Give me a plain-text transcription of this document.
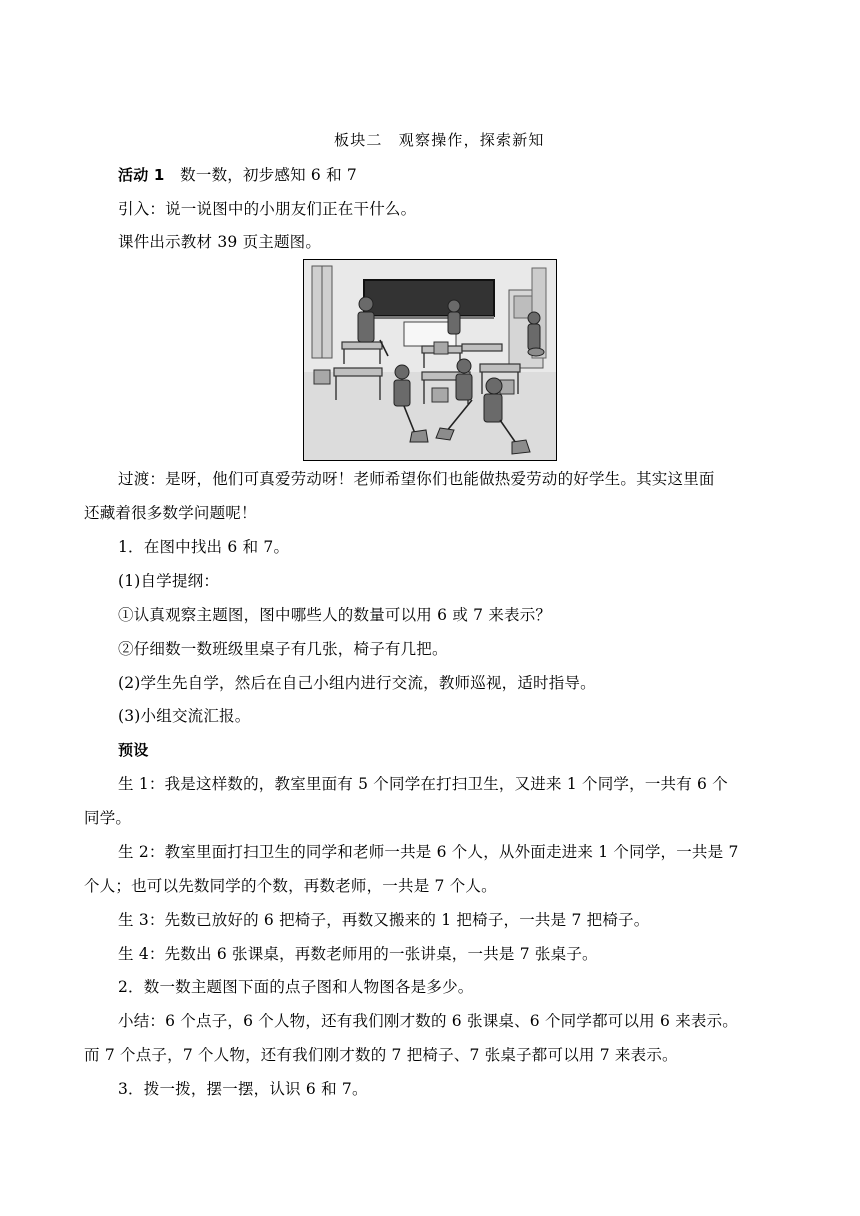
板块二　观察操作，探索新知
活动 1　数一数，初步感知 6 和 7
引入：说一说图中的小朋友们正在干什么。
课件出示教材 39 页主题图。
过渡：是呀，他们可真爱劳动呀！老师希望你们也能做热爱劳动的好学生。其实这里面
还藏着很多数学问题呢！
1．在图中找出 6 和 7。
(1)自学提纲：
①认真观察主题图，图中哪些人的数量可以用 6 或 7 来表示？
②仔细数一数班级里桌子有几张，椅子有几把。
(2)学生先自学，然后在自己小组内进行交流，教师巡视，适时指导。
(3)小组交流汇报。
预设
生 1：我是这样数的，教室里面有 5 个同学在打扫卫生，又进来 1 个同学，一共有 6 个
同学。
生 2：教室里面打扫卫生的同学和老师一共是 6 个人，从外面走进来 1 个同学，一共是 7
个人；也可以先数同学的个数，再数老师，一共是 7 个人。
生 3：先数已放好的 6 把椅子，再数又搬来的 1 把椅子，一共是 7 把椅子。
生 4：先数出 6 张课桌，再数老师用的一张讲桌，一共是 7 张桌子。
2．数一数主题图下面的点子图和人物图各是多少。
小结：6 个点子，6 个人物，还有我们刚才数的 6 张课桌、6 个同学都可以用 6 来表示。
而 7 个点子，7 个人物，还有我们刚才数的 7 把椅子、7 张桌子都可以用 7 来表示。
3．拨一拨，摆一摆，认识 6 和 7。
